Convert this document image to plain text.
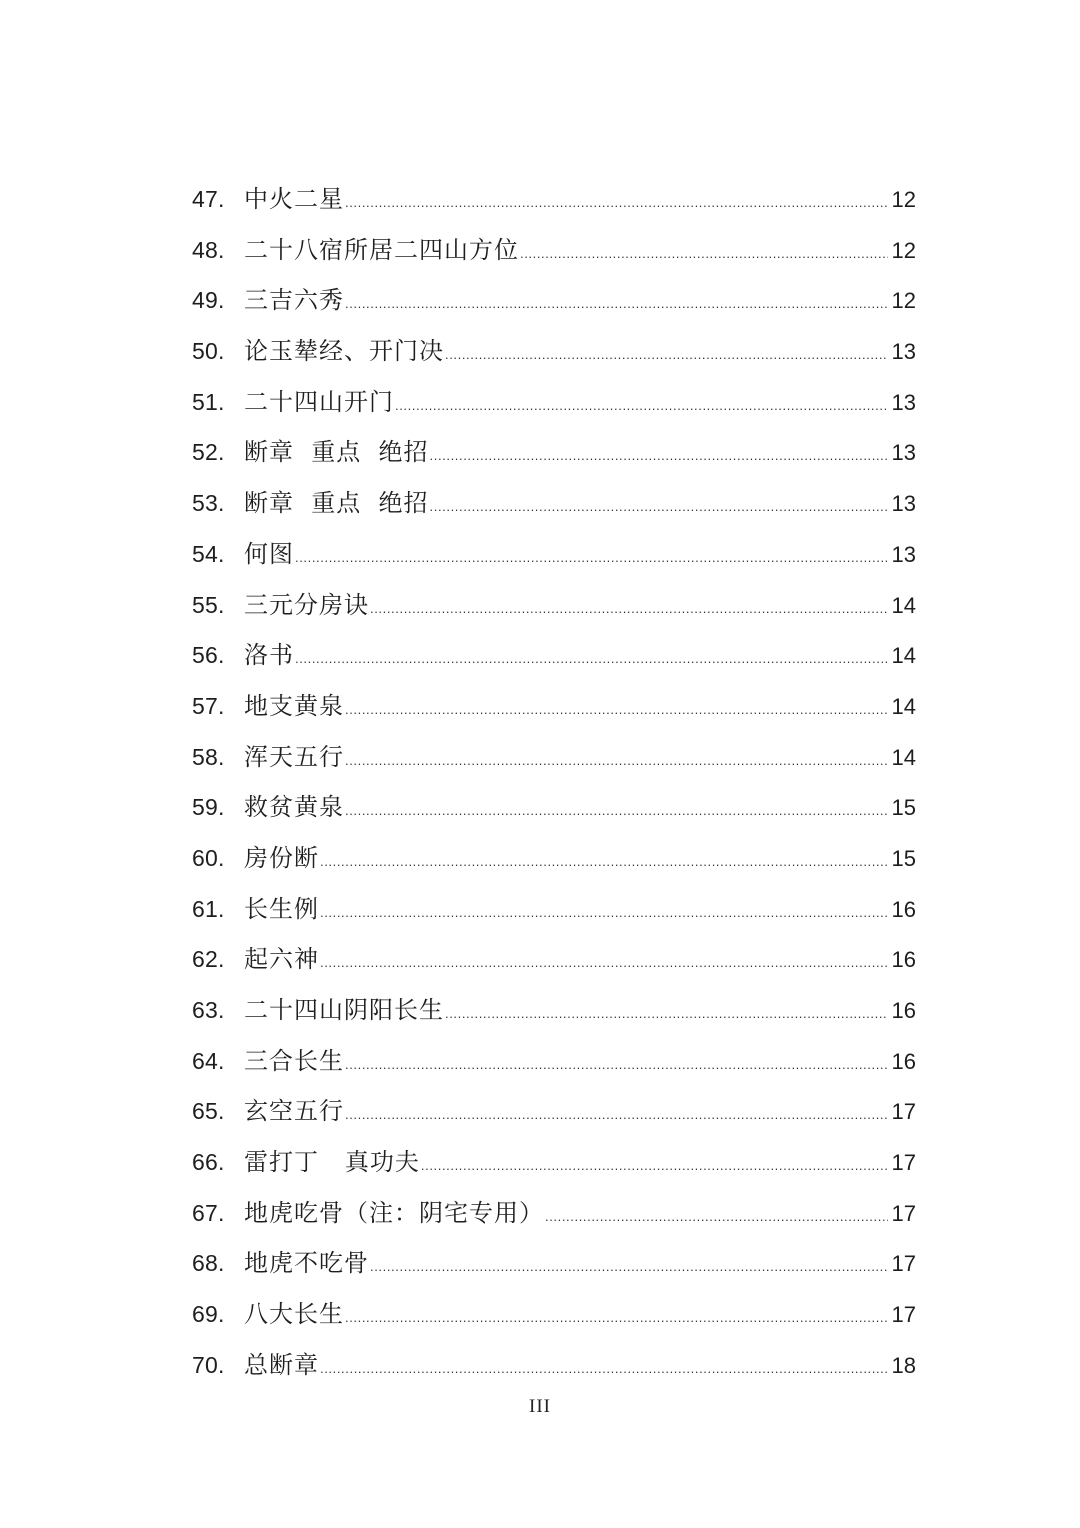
47. 中火二星 .....	12
48. 二十八宿所居二四山方位 .....	12
49. 三吉六秀 .....	12
50. 论玉辇经、开门决 .....	13
51. 二十四山开门 .....	13
52. 断章  重点  绝招 .....	13
53. 断章  重点  绝招 .....	13
54. 何图 .....	13
55. 三元分房诀 .....	14
56. 洛书 .....	14
57. 地支黄泉 .....	14
58. 浑天五行 .....	14
59. 救贫黄泉 .....	15
60. 房份断 .....	15
61. 长生例 .....	16
62. 起六神 .....	16
63. 二十四山阴阳长生 .....	16
64. 三合长生 .....	16
65. 玄空五行 .....	17
66. 雷打丁   真功夫 .....	17
67. 地虎吃骨（注：阴宅专用） .....	17
68. 地虎不吃骨 .....	17
69. 八大长生 .....	17
70. 总断章 .....	18
III
